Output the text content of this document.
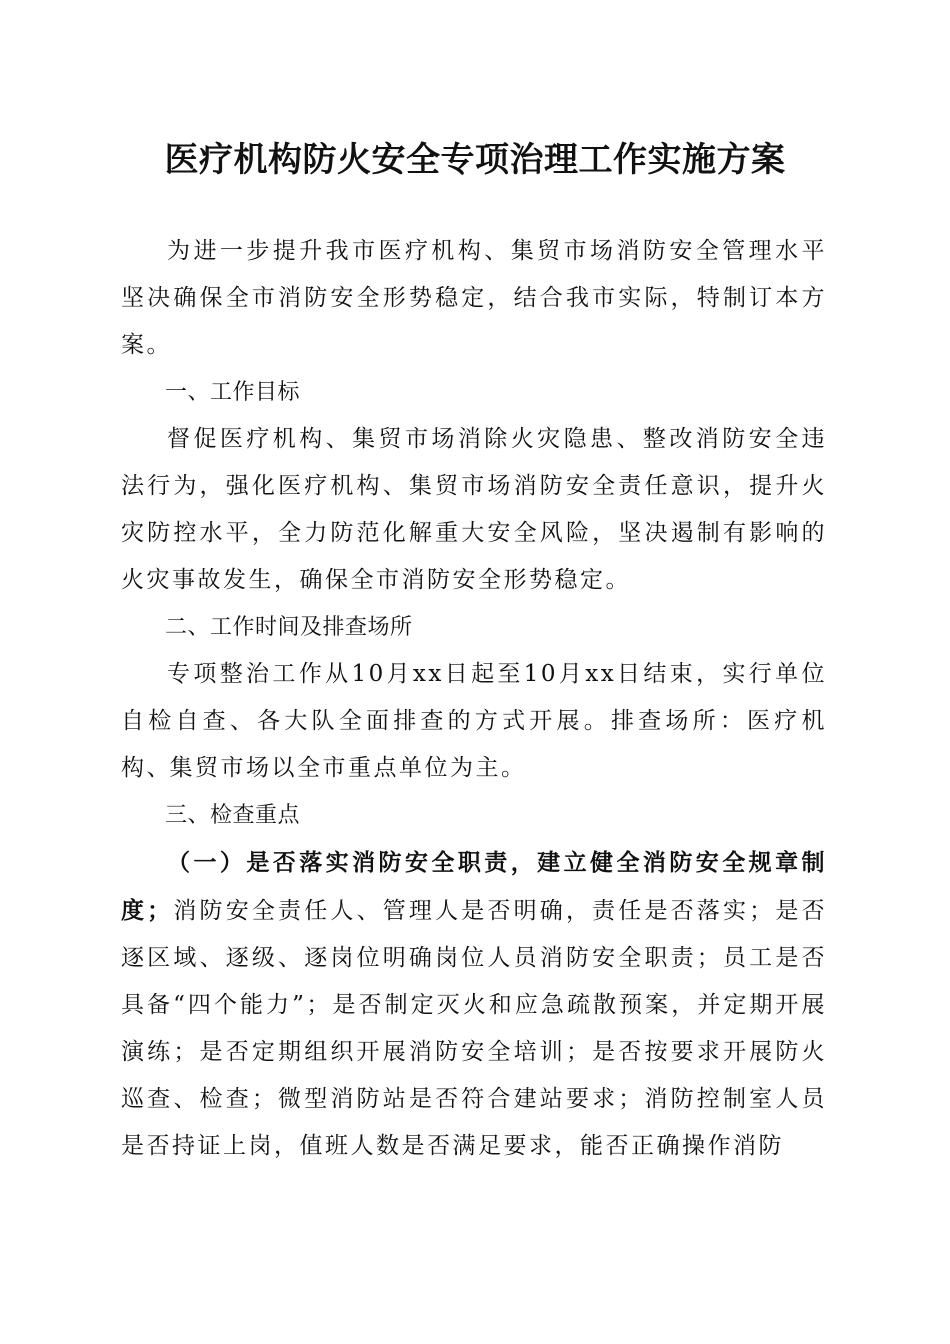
医疗机构防火安全专项治理工作实施方案

为进一步提升我市医疗机构、集贸市场消防安全管理水平坚决确保全市消防安全形势稳定，结合我市实际，特制订本方案。

一、工作目标

督促医疗机构、集贸市场消除火灾隐患、整改消防安全违法行为，强化医疗机构、集贸市场消防安全责任意识，提升火灾防控水平，全力防范化解重大安全风险，坚决遏制有影响的火灾事故发生，确保全市消防安全形势稳定。

二、工作时间及排查场所

专项整治工作从10月xx日起至10月xx日结束，实行单位自检自查、各大队全面排查的方式开展。排查场所：医疗机构、集贸市场以全市重点单位为主。

三、检查重点

（一）是否落实消防安全职责，建立健全消防安全规章制度；消防安全责任人、管理人是否明确，责任是否落实；是否逐区域、逐级、逐岗位明确岗位人员消防安全职责；员工是否具备“四个能力”；是否制定灭火和应急疏散预案，并定期开展演练；是否定期组织开展消防安全培训；是否按要求开展防火巡查、检查；微型消防站是否符合建站要求；消防控制室人员是否持证上岗，值班人数是否满足要求，能否正确操作消防
